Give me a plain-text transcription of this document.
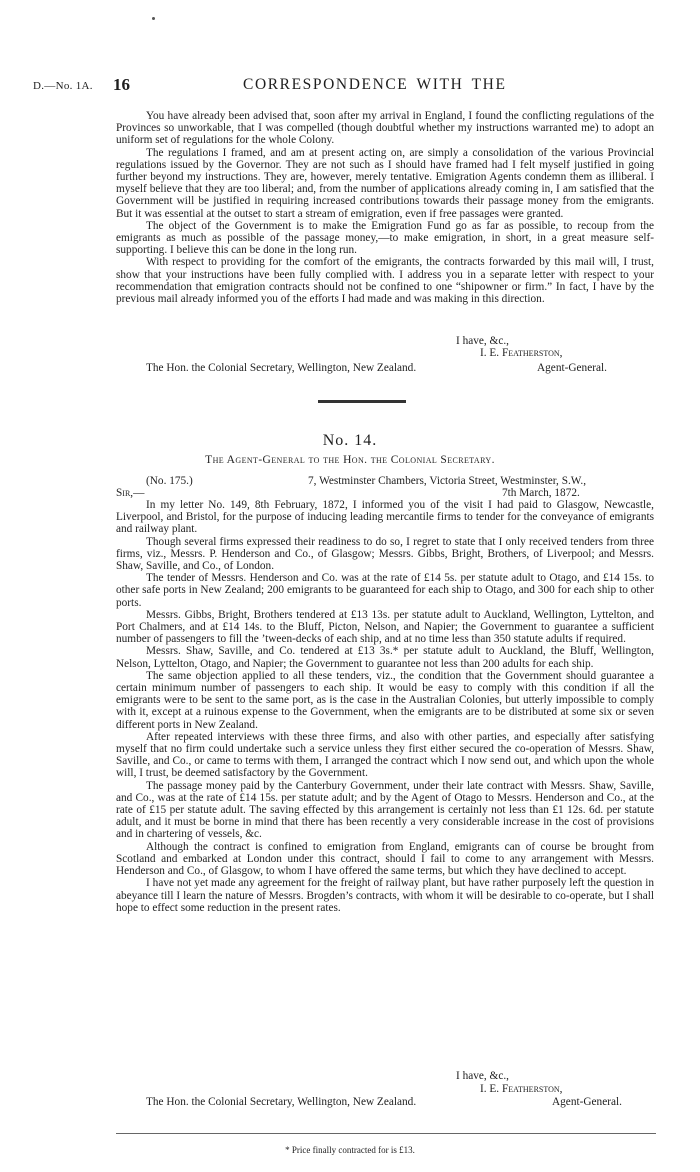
D.—No. 1A. 16	CORRESPONDENCE WITH THE

You have already been advised that, soon after my arrival in England, I found the conflicting regulations of the Provinces so unworkable, that I was compelled (though doubtful whether my instructions warranted me) to adopt an uniform set of regulations for the whole Colony.

The regulations I framed, and am at present acting on, are simply a consolidation of the various Provincial regulations issued by the Governor. They are not such as I should have framed had I felt myself justified in going further beyond my instructions. They are, however, merely tentative. Emigration Agents condemn them as illiberal. I myself believe that they are too liberal; and, from the number of applications already coming in, I am satisfied that the Government will be justified in requiring increased contributions towards their passage money from the emigrants. But it was essential at the outset to start a stream of emigration, even if free passages were granted.

The object of the Government is to make the Emigration Fund go as far as possible, to recoup from the emigrants as much as possible of the passage money,—to make emigration, in short, in a great measure self-supporting. I believe this can be done in the long run.

With respect to providing for the comfort of the emigrants, the contracts forwarded by this mail will, I trust, show that your instructions have been fully complied with. I address you in a separate letter with respect to your recommendation that emigration contracts should not be confined to one “shipowner or firm.” In fact, I have by the previous mail already informed you of the efforts I had made and was making in this direction.

I have, &c.,
I. E. Featherston,
The Hon. the Colonial Secretary, Wellington, New Zealand.	Agent-General.
No. 14.
The Agent-General to the Hon. the Colonial Secretary.
(No. 175.)	7, Westminster Chambers, Victoria Street, Westminster, S.W.,
7th March, 1872.
Sir,—

In my letter No. 149, 8th February, 1872, I informed you of the visit I had paid to Glasgow, Newcastle, Liverpool, and Bristol, for the purpose of inducing leading mercantile firms to tender for the conveyance of emigrants and railway plant.

Though several firms expressed their readiness to do so, I regret to state that I only received tenders from three firms, viz., Messrs. P. Henderson and Co., of Glasgow; Messrs. Gibbs, Bright, Brothers, of Liverpool; and Messrs. Shaw, Saville, and Co., of London.

The tender of Messrs. Henderson and Co. was at the rate of £14 5s. per statute adult to Otago, and £14 15s. to other safe ports in New Zealand; 200 emigrants to be guaranteed for each ship to Otago, and 300 for each ship to other ports.

Messrs. Gibbs, Bright, Brothers tendered at £13 13s. per statute adult to Auckland, Wellington, Lyttelton, and Port Chalmers, and at £14 14s. to the Bluff, Picton, Nelson, and Napier; the Government to guarantee a sufficient number of passengers to fill the ’tween-decks of each ship, and at no time less than 350 statute adults if required.

Messrs. Shaw, Saville, and Co. tendered at £13 3s.* per statute adult to Auckland, the Bluff, Wellington, Nelson, Lyttelton, Otago, and Napier; the Government to guarantee not less than 200 adults for each ship.

The same objection applied to all these tenders, viz., the condition that the Government should guarantee a certain minimum number of passengers to each ship. It would be easy to comply with this condition if all the emigrants were to be sent to the same port, as is the case in the Australian Colonies, but utterly impossible to comply with it, except at a ruinous expense to the Government, when the emigrants are to be distributed at some six or seven different ports in New Zealand.

After repeated interviews with these three firms, and also with other parties, and especially after satisfying myself that no firm could undertake such a service unless they first either secured the co-operation of Messrs. Shaw, Saville, and Co., or came to terms with them, I arranged the contract which I now send out, and which upon the whole will, I trust, be deemed satisfactory by the Government.

The passage money paid by the Canterbury Government, under their late contract with Messrs. Shaw, Saville, and Co., was at the rate of £14 15s. per statute adult; and by the Agent of Otago to Messrs. Henderson and Co., at the rate of £15 per statute adult. The saving effected by this arrangement is certainly not less than £1 12s. 6d. per statute adult, and it must be borne in mind that there has been recently a very considerable increase in the cost of provisions and in chartering of vessels, &c.

Although the contract is confined to emigration from England, emigrants can of course be brought from Scotland and embarked at London under this contract, should I fail to come to any arrangement with Messrs. Henderson and Co., of Glasgow, to whom I have offered the same terms, but which they have declined to accept.

I have not yet made any agreement for the freight of railway plant, but have rather purposely left the question in abeyance till I learn the nature of Messrs. Brogden’s contracts, with whom it will be desirable to co-operate, but I shall hope to effect some reduction in the present rates.

I have, &c.,
I. E. Featherston,
The Hon. the Colonial Secretary, Wellington, New Zealand.	Agent-General.
* Price finally contracted for is £13.
